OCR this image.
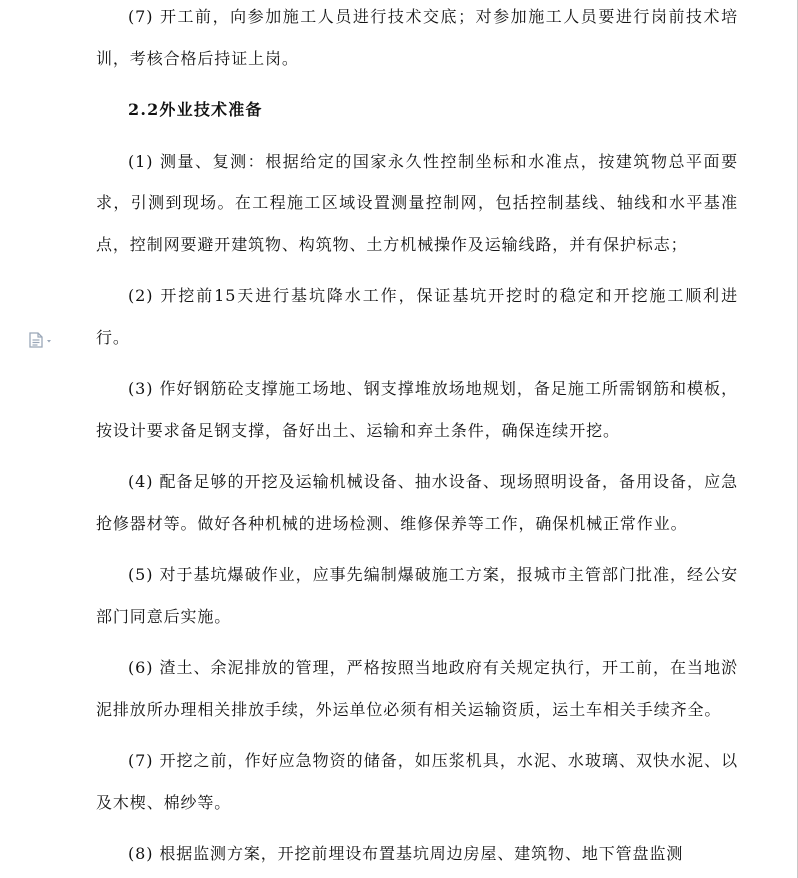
(7) 开工前，向参加施工人员进行技术交底；对参加施工人员要进行岗前技术培训，考核合格后持证上岗。

2.2外业技术准备

(1) 测量、复测：根据给定的国家永久性控制坐标和水准点，按建筑物总平面要求，引测到现场。在工程施工区域设置测量控制网，包括控制基线、轴线和水平基准点，控制网要避开建筑物、构筑物、土方机械操作及运输线路，并有保护标志；

(2) 开挖前15天进行基坑降水工作，保证基坑开挖时的稳定和开挖施工顺利进行。

(3) 作好钢筋砼支撑施工场地、钢支撑堆放场地规划，备足施工所需钢筋和模板，按设计要求备足钢支撑，备好出土、运输和弃土条件，确保连续开挖。

(4) 配备足够的开挖及运输机械设备、抽水设备、现场照明设备，备用设备，应急抢修器材等。做好各种机械的进场检测、维修保养等工作，确保机械正常作业。

(5) 对于基坑爆破作业，应事先编制爆破施工方案，报城市主管部门批准，经公安部门同意后实施。

(6) 渣土、余泥排放的管理，严格按照当地政府有关规定执行，开工前，在当地淤泥排放所办理相关排放手续，外运单位必须有相关运输资质，运土车相关手续齐全。

(7) 开挖之前，作好应急物资的储备，如压浆机具，水泥、水玻璃、双快水泥、以及木楔、棉纱等。

(8) 根据监测方案，开挖前埋设布置基坑周边房屋、建筑物、地下管盘监测
